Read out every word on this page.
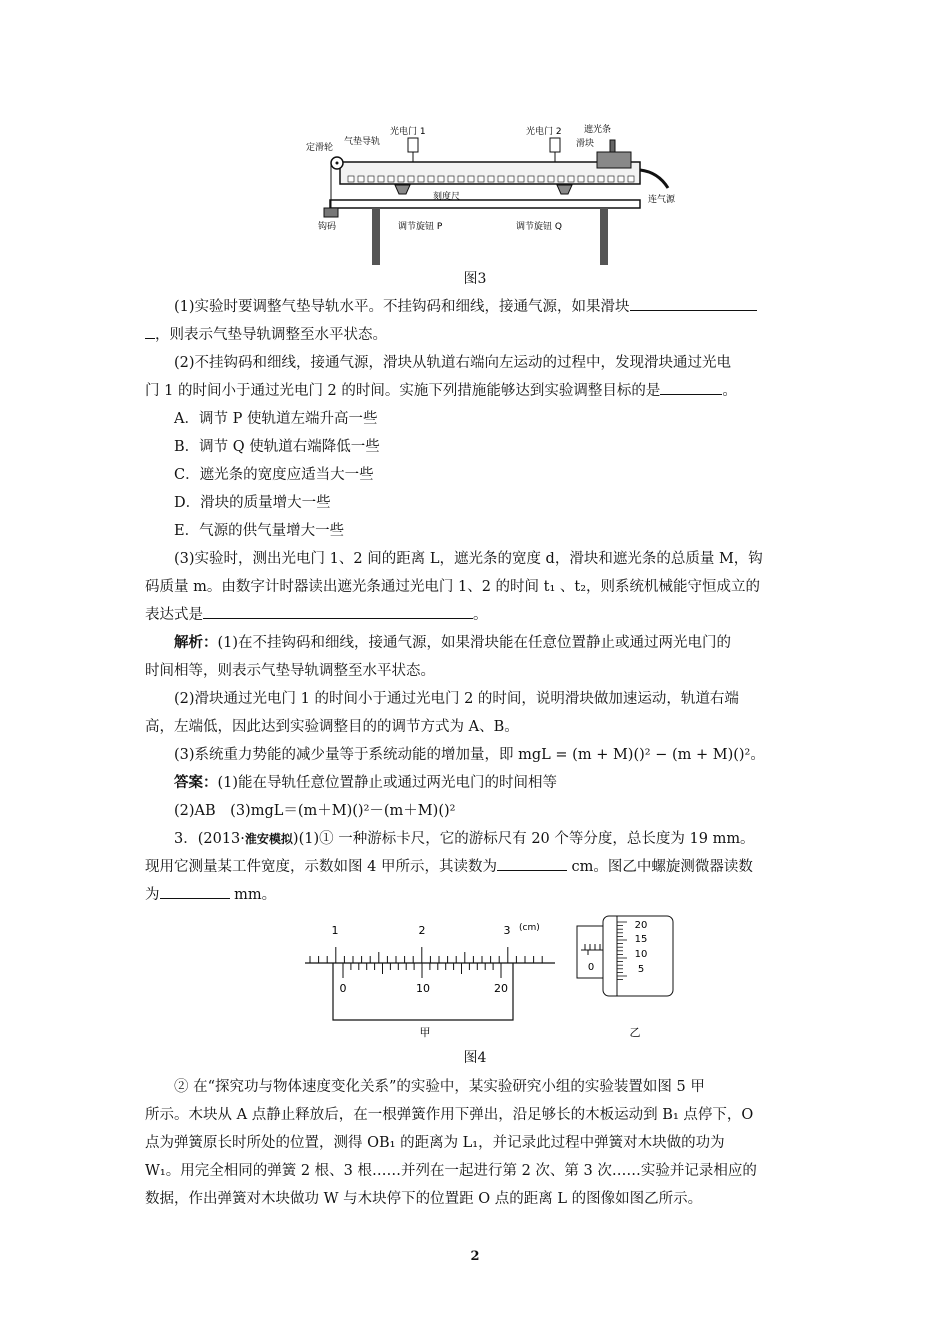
定滑轮
气垫导轨
光电门 1	光电门 2 遮光条
滑块
刻度尺
钩码	调节旋钮 P	调节旋钮 Q
连气源
图3
(1)实验时要调整气垫导轨水平。不挂钩码和细线，接通气源，如果滑块
，则表示气垫导轨调整至水平状态。
(2)不挂钩码和细线，接通气源，滑块从轨道右端向左运动的过程中，发现滑块通过光电
门 1 的时间小于通过光电门 2 的时间。实施下列措施能够达到实验调整目标的是	。
A．调节 P 使轨道左端升高一些
B．调节 Q 使轨道右端降低一些
C．遮光条的宽度应适当大一些
D．滑块的质量增大一些
E．气源的供气量增大一些
(3)实验时，测出光电门 1、2 间的距离 L，遮光条的宽度 d，滑块和遮光条的总质量 M，钩
码质量 m。由数字计时器读出遮光条通过光电门 1、2 的时间 t₁ 、t₂，则系统机械能守恒成立的
表达式是	。
解析：(1)在不挂钩码和细线，接通气源，如果滑块能在任意位置静止或通过两光电门的
时间相等，则表示气垫导轨调整至水平状态。
(2)滑块通过光电门 1 的时间小于通过光电门 2 的时间，说明滑块做加速运动，轨道右端
高，左端低，因此达到实验调整目的的调节方式为 A、B。
(3)系统重力势能的减少量等于系统动能的增加量，即 mgL = (m + M)()² − (m + M)()²。
答案：(1)能在导轨任意位置静止或通过两光电门的时间相等
(2)AB　(3)mgL＝(m＋M)()²－(m＋M)()²
3．(2013·淮安模拟)(1)① 一种游标卡尺，它的游标尺有 20 个等分度，总长度为 19 mm。
现用它测量某工件宽度，示数如图 4 甲所示，其读数为	cm。图乙中螺旋测微器读数
为	mm。
1	2	3 (cm)
0	10	20
甲
0
20
15
10
5
乙
图4
② 在“探究功与物体速度变化关系”的实验中，某实验研究小组的实验装置如图 5 甲
所示。木块从 A 点静止释放后，在一根弹簧作用下弹出，沿足够长的木板运动到 B₁ 点停下，O
点为弹簧原长时所处的位置，测得 OB₁ 的距离为 L₁，并记录此过程中弹簧对木块做的功为
W₁。用完全相同的弹簧 2 根、3 根……并列在一起进行第 2 次、第 3 次……实验并记录相应的
数据，作出弹簧对木块做功 W 与木块停下的位置距 O 点的距离 L 的图像如图乙所示。
2
